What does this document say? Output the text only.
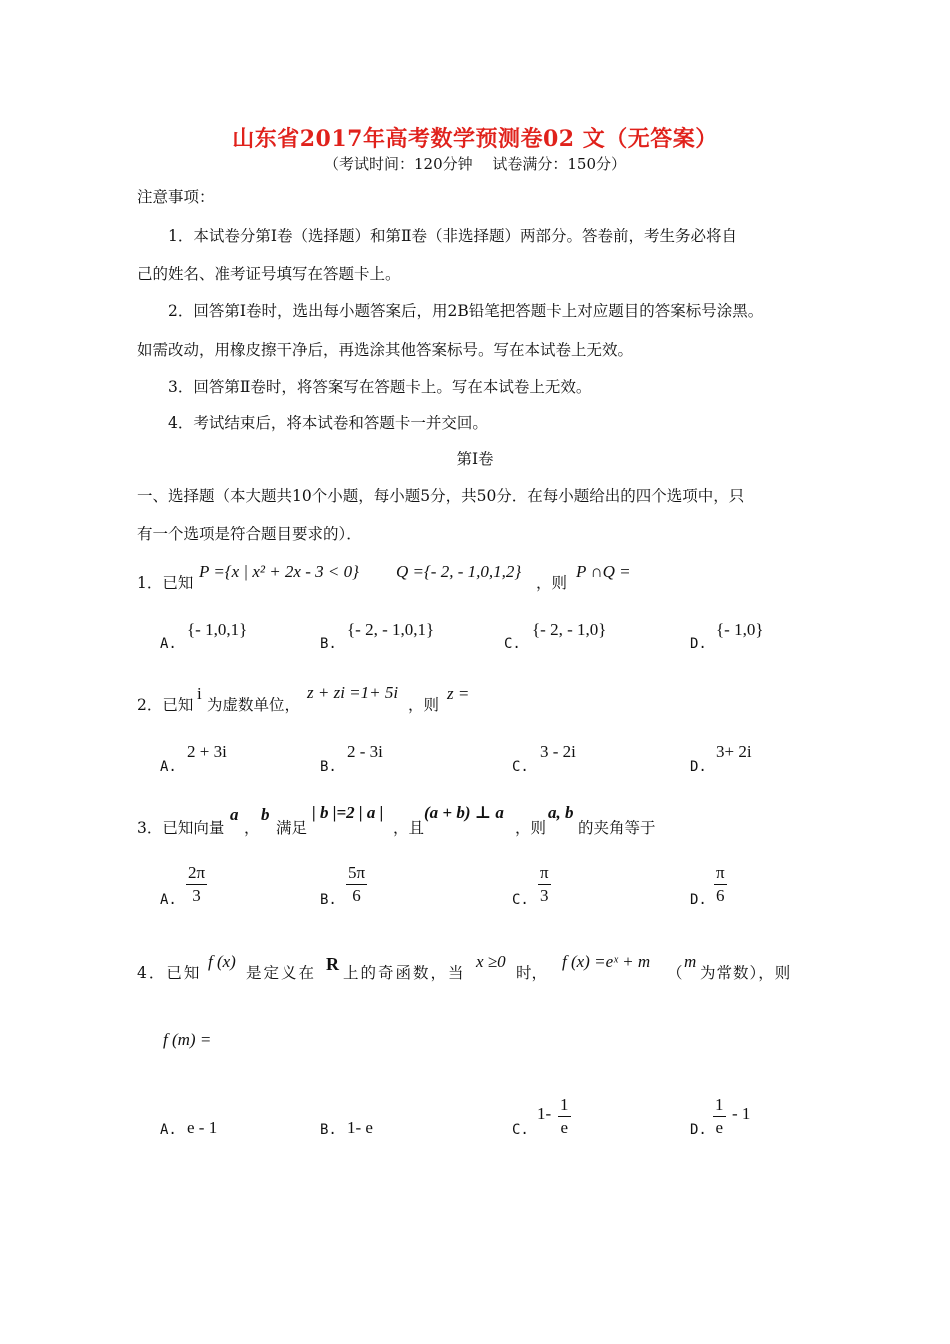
山东省2017年高考数学预测卷02 文（无答案）
（考试时间：120分钟　 试卷满分：150分）
注意事项：
1．本试卷分第Ⅰ卷（选择题）和第Ⅱ卷（非选择题）两部分。答卷前，考生务必将自
己的姓名、准考证号填写在答题卡上。
2．回答第Ⅰ卷时，选出每小题答案后，用2B铅笔把答题卡上对应题目的答案标号涂黑。
如需改动，用橡皮擦干净后，再选涂其他答案标号。写在本试卷上无效。
3．回答第Ⅱ卷时，将答案写在答题卡上。写在本试卷上无效。
4．考试结束后，将本试卷和答题卡一并交回。
第Ⅰ卷
一、选择题（本大题共10个小题，每小题5分，共50分．在每小题给出的四个选项中，只
有一个选项是符合题目要求的）．
1．已知
P ={x | x² + 2x - 3 < 0} Q ={- 2, - 1,0,1,2}
，则
P ∩Q =
A.
{- 1,0,1}
B.
{- 2, - 1,0,1}
C.
{- 2, - 1,0}
D.
{- 1,0}
2．已知
i
为虚数单位，
z + zi =1+ 5i
，则
z =
A.
2 + 3i
B.
2 - 3i
C.
3 - 2i
D.
3+ 2i
3．已知向量
a
，
b
满足
| b |=2 | a |
，且
(a + b) ⊥ a
，则
a, b
的夹角等于
A. $\frac{2\pi}{3}$	B. $\frac{5\pi}{6}$	C. $\frac{\pi}{3}$	D. $\frac{\pi}{6}$
4．已知
f (x)
是定义在 R 上的奇函数，当
x ≥0
时，
f (x) =eˣ + m
（
m
为常数），则
f (m) =
A. e - 1	B. 1- e	C.
$1- \frac{1}{e}$	D. $\frac{1}{e} - 1$
